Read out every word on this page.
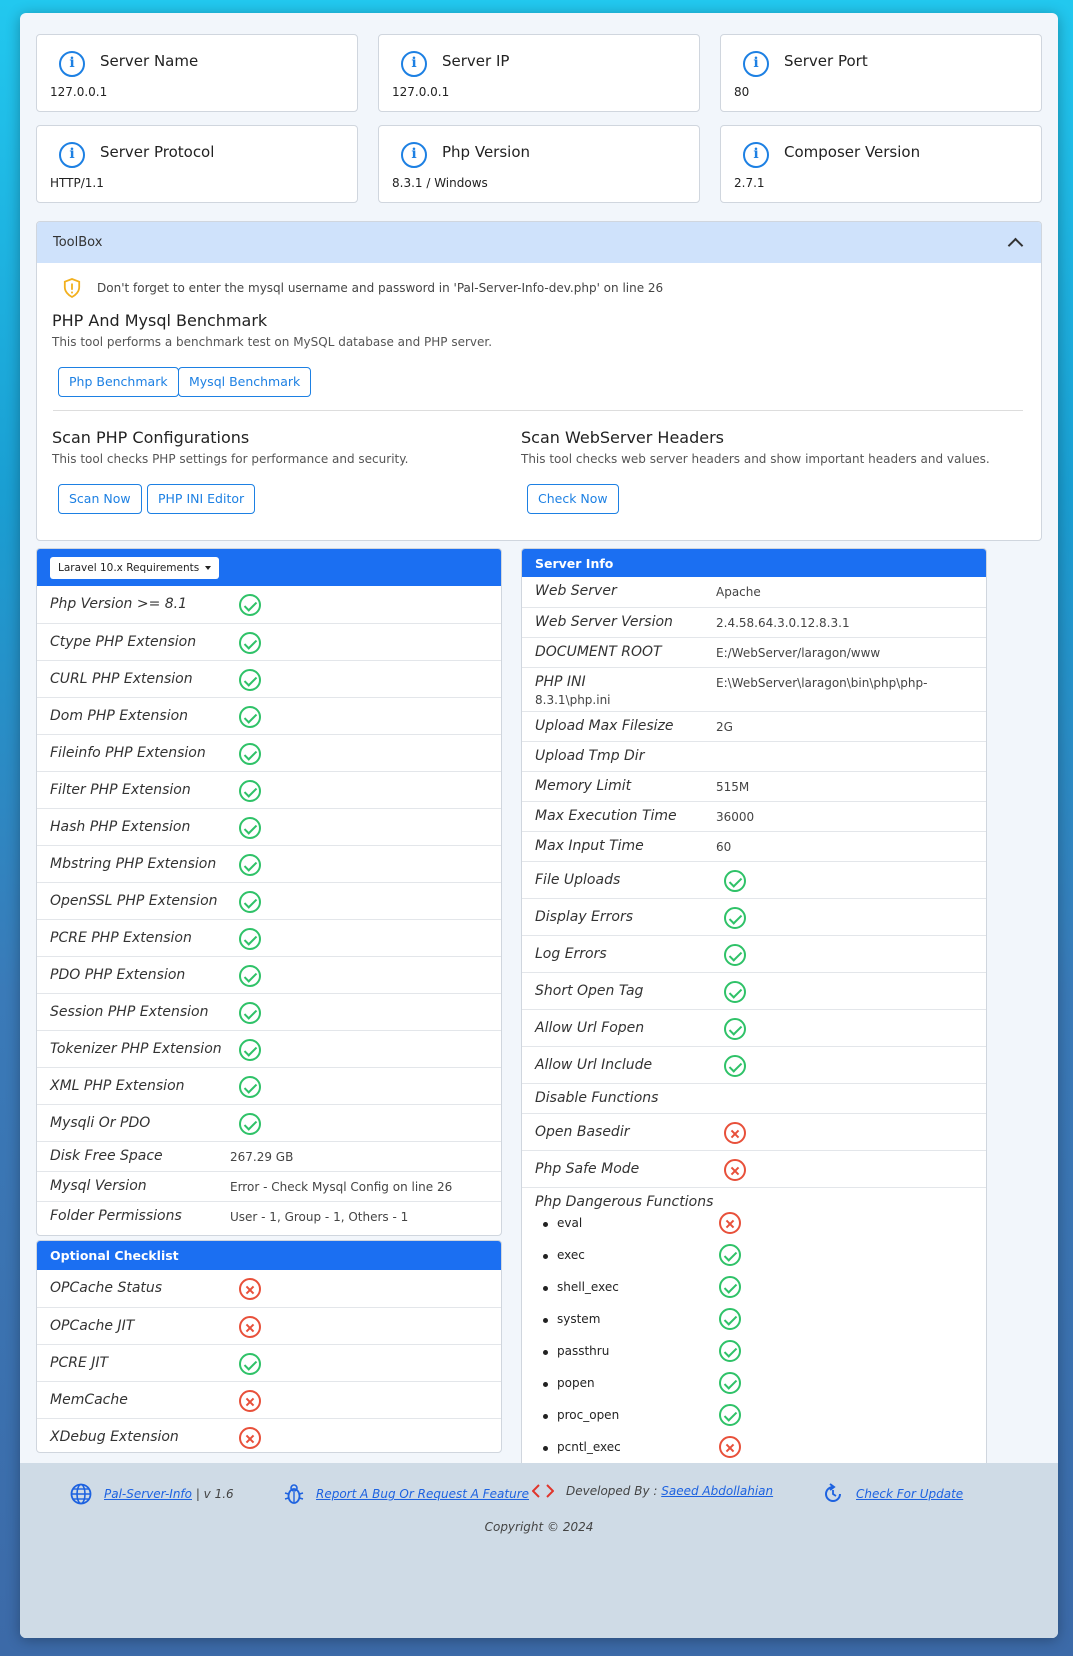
i	Server Name
127.0.0.1
i	Server IP
127.0.0.1
i	Server Port
80
i	Server Protocol
HTTP/1.1
i	Php Version
8.3.1 / Windows
i	Composer Version
2.7.1
ToolBox
Don't forget to enter the mysql username and password in 'Pal-Server-Info-dev.php' on line 26
PHP And Mysql Benchmark
This tool performs a benchmark test on MySQL database and PHP server.
Php Benchmark	Mysql Benchmark
Scan PHP Configurations
This tool checks PHP settings for performance and security.
Scan Now	PHP INI Editor
Scan WebServer Headers
This tool checks web server headers and show important headers and values.
Check Now
Laravel 10.x Requirements
Php Version >= 8.1
Ctype PHP Extension
CURL PHP Extension
Dom PHP Extension
Fileinfo PHP Extension
Filter PHP Extension
Hash PHP Extension
Mbstring PHP Extension
OpenSSL PHP Extension
PCRE PHP Extension
PDO PHP Extension
Session PHP Extension
Tokenizer PHP Extension
XML PHP Extension
Mysqli Or PDO
Disk Free Space	267.29 GB
Mysql Version	Error - Check Mysql Config on line 26
Folder Permissions	User - 1, Group - 1, Others - 1
Optional Checklist
OPCache Status
OPCache JIT
PCRE JIT
MemCache
XDebug Extension
Server Info
Web Server	Apache
Web Server Version	2.4.58.64.3.0.12.8.3.1
DOCUMENT ROOT	E:/WebServer/laragon/www
PHP INI	E:\WebServer\laragon\bin\php\php-
8.3.1\php.ini
Upload Max Filesize	2G
Upload Tmp Dir
Memory Limit	515M
Max Execution Time	36000
Max Input Time	60
File Uploads
Display Errors
Log Errors
Short Open Tag
Allow Url Fopen
Allow Url Include
Disable Functions
Open Basedir
Php Safe Mode
Php Dangerous Functions
eval
exec
shell_exec
system
passthru
popen
proc_open
pcntl_exec
Pal-Server-Info
| v 1.6	Report A Bug Or Request A Feature	Developed By :
Saeed Abdollahian	Check For Update
Copyright © 2024
